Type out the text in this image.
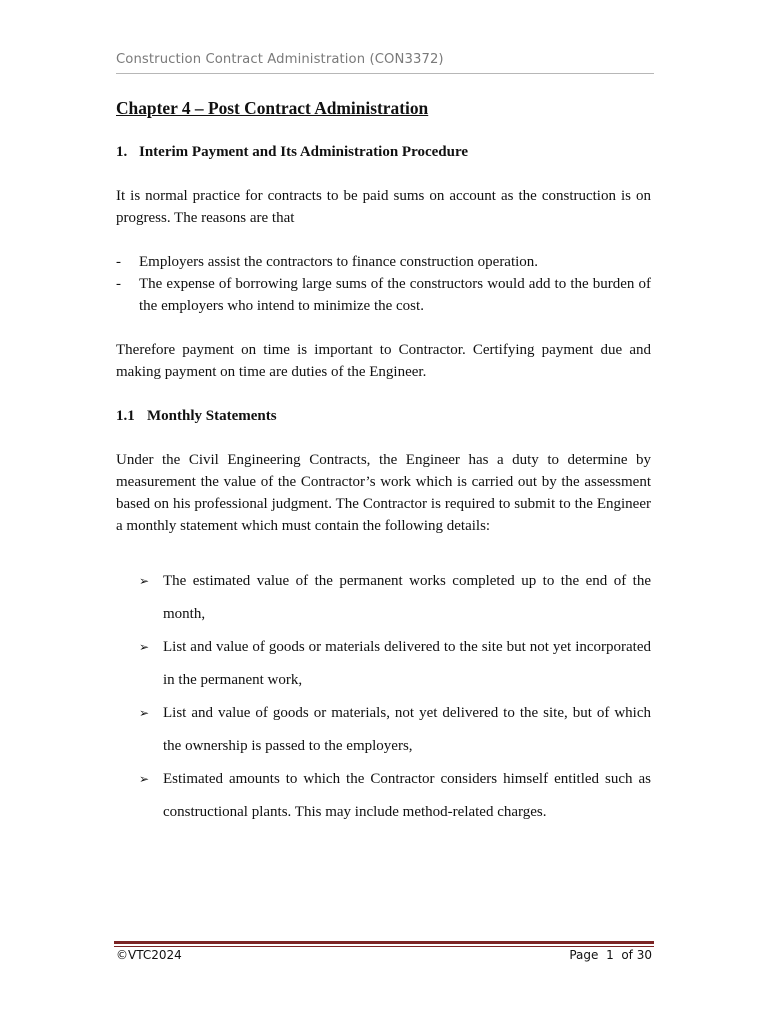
Construction Contract Administration (CON3372)
Chapter 4 – Post Contract Administration
1. Interim Payment and Its Administration Procedure

It is normal practice for contracts to be paid sums on account as the construction is on progress. The reasons are that

-	Employers assist the contractors to finance construction operation.
-	The expense of borrowing large sums of the constructors would add to the burden of the employers who intend to minimize the cost.

Therefore payment on time is important to Contractor. Certifying payment due and making payment on time are duties of the Engineer.

1.1 Monthly Statements

Under the Civil Engineering Contracts, the Engineer has a duty to determine by measurement the value of the Contractor’s work which is carried out by the assessment based on his professional judgment. The Contractor is required to submit to the Engineer a monthly statement which must contain the following details:

➢ The estimated value of the permanent works completed up to the end of the month,
➢ List and value of goods or materials delivered to the site but not yet incorporated in the permanent work,
➢ List and value of goods or materials, not yet delivered to the site, but of which the ownership is passed to the employers,
➢ Estimated amounts to which the Contractor considers himself entitled such as constructional plants. This may include method-related charges.
©VTC2024	Page 1 of 30
